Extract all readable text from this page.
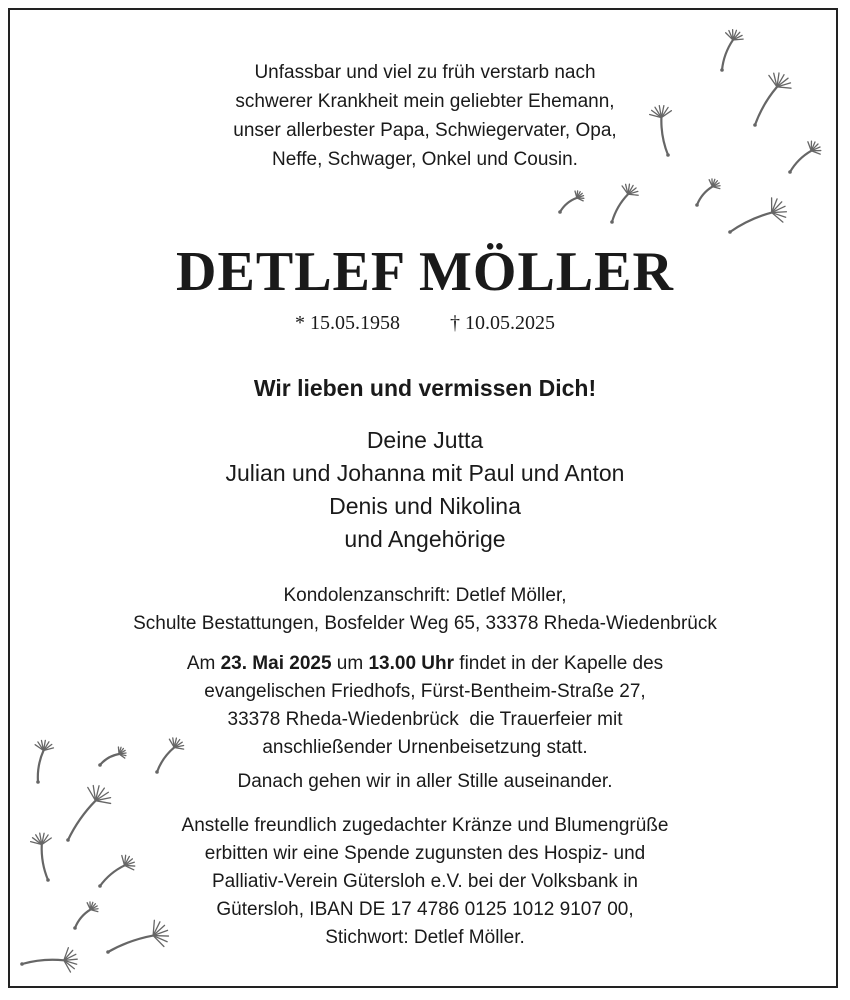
Unfassbar und viel zu früh verstarb nach
schwerer Krankheit mein geliebter Ehemann,
unser allerbester Papa, Schwiegervater, Opa,
Neffe, Schwager, Onkel und Cousin.
DETLEF MÖLLER
* 15.05.1958	† 10.05.2025
Wir lieben und vermissen Dich!
Deine Jutta
Julian und Johanna mit Paul und Anton
Denis und Nikolina
und Angehörige
Kondolenzanschrift: Detlef Möller,
Schulte Bestattungen, Bosfelder Weg 65, 33378 Rheda-Wiedenbrück
Am 23. Mai 2025 um 13.00 Uhr findet in der Kapelle des
evangelischen Friedhofs, Fürst-Bentheim-Straße 27,
33378 Rheda-Wiedenbrück  die Trauerfeier mit
anschließender Urnenbeisetzung statt.
Danach gehen wir in aller Stille auseinander.
Anstelle freundlich zugedachter Kränze und Blumengrüße
erbitten wir eine Spende zugunsten des Hospiz- und
Palliativ-Verein Gütersloh e.V. bei der Volksbank in
Gütersloh, IBAN DE 17 4786 0125 1012 9107 00,
Stichwort: Detlef Möller.
